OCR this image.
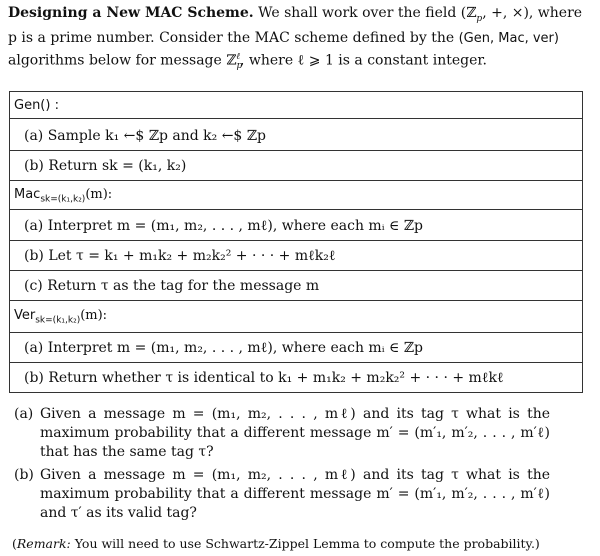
Designing a New MAC Scheme. We shall work over the field (ℤ$_p$, +, ×), where
p is a prime number. Consider the MAC scheme defined by the (Gen, Mac, ver)
algorithms below for message ℤ$_p^\ell$, where ℓ ⩾ 1 is a constant integer.
Gen() :
(a) Sample k₁ ←$ ℤp and k₂ ←$ ℤp
(b) Return sk = (k₁, k₂)
Mac$_{sk=(k_1,k_2)}$(m):
(a) Interpret m = (m₁, m₂, . . . , mℓ), where each mᵢ ∈ ℤp
(b) Let τ = k₁ + m₁k₂ + m₂k₂² + · · · + mℓk₂ℓ
(c) Return τ as the tag for the message m
Ver$_{sk=(k_1,k_2)}$(m):
(a) Interpret m = (m₁, m₂, . . . , mℓ), where each mᵢ ∈ ℤp
(b) Return whether τ is identical to k₁ + m₁k₂ + m₂k₂² + · · · + mℓkℓ
(a) Given a message m = (m₁, m₂, . . . , mℓ) and its tag τ what is the maximum probability that a different message m′ = (m′₁, m′₂, . . . , m′ℓ) that has the same tag τ?
(b) Given a message m = (m₁, m₂, . . . , mℓ) and its tag τ what is the maximum probability that a different message m′ = (m′₁, m′₂, . . . , m′ℓ) and τ′ as its valid tag?
(Remark: You will need to use Schwartz-Zippel Lemma to compute the probability.)
